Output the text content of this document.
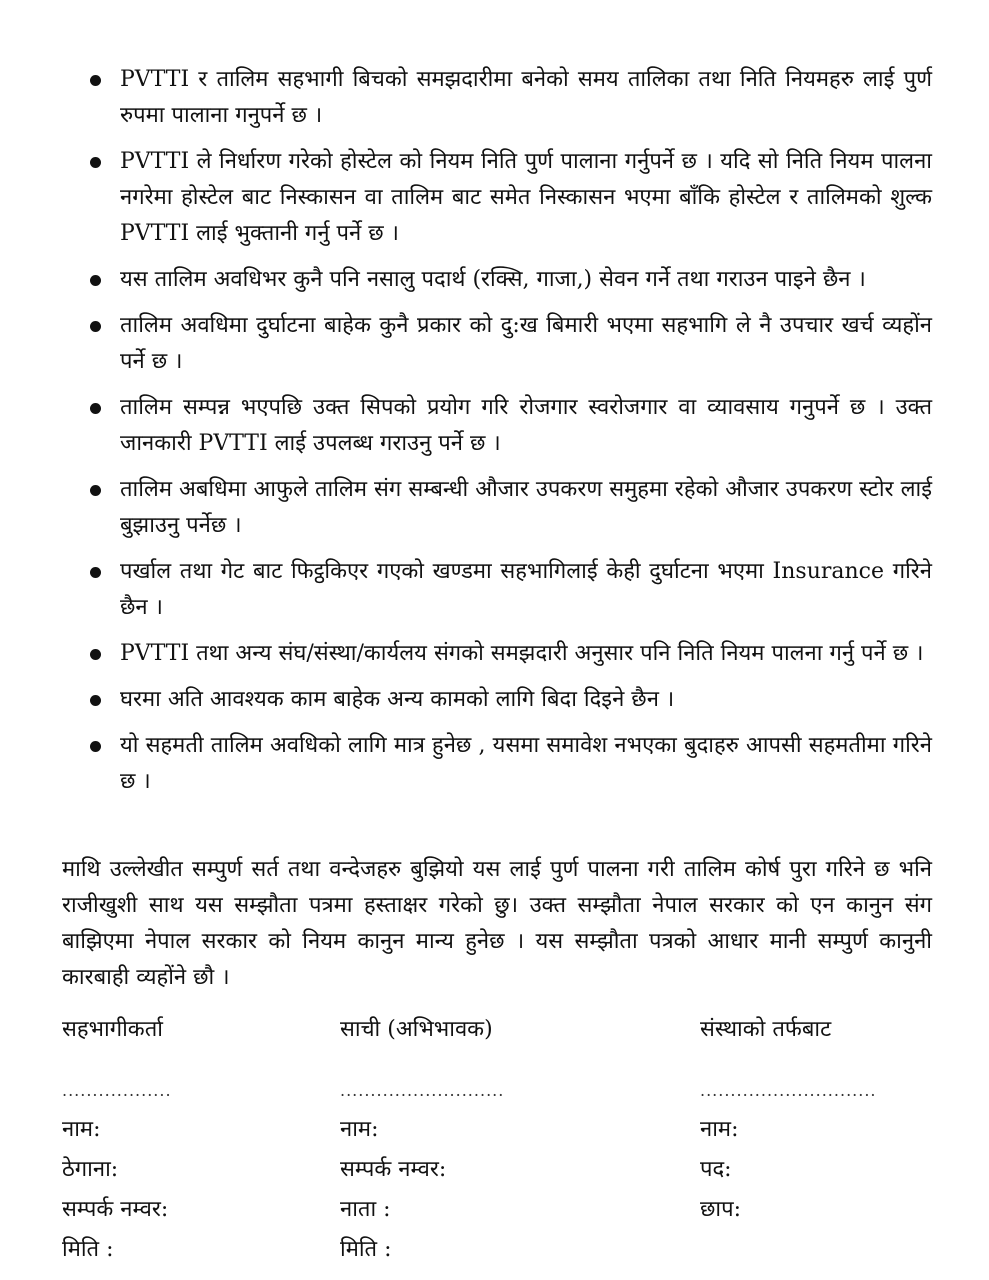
PVTTI र तालिम सहभागी बिचको समझदारीमा बनेको समय तालिका तथा निति नियमहरु लाई पुर्ण रुपमा पालाना गनुपर्ने छ ।
PVTTI ले निर्धारण गरेको होस्टेल को नियम निति पुर्ण पालाना गर्नुपर्ने छ । यदि सो निति नियम पालना नगरेमा होस्टेल बाट निस्कासन वा तालिम बाट समेत निस्कासन भएमा बाँकि होस्टेल र तालिमको शुल्क PVTTI लाई भुक्तानी गर्नु पर्ने छ ।
यस तालिम अवधिभर कुनै पनि नसालु पदार्थ (रक्सि, गाजा,) सेवन गर्ने तथा गराउन पाइने छैन ।
तालिम अवधिमा दुर्घाटना बाहेक कुनै प्रकार को दु:ख बिमारी भएमा सहभागि ले नै उपचार खर्च व्यहोंन पर्ने छ ।
तालिम सम्पन्न भएपछि उक्त सिपको प्रयोग गरि रोजगार स्वरोजगार वा व्यावसाय गनुपर्ने छ । उक्त जानकारी PVTTI लाई उपलब्ध गराउनु पर्ने छ ।
तालिम अबधिमा आफुले तालिम संग सम्बन्धी औजार उपकरण समुहमा रहेको औजार उपकरण स्टोर लाई बुझाउनु पर्नेछ ।
पर्खाल तथा गेट बाट फिट्ठकिएर गएको खण्डमा सहभागिलाई केही दुर्घाटना भएमा Insurance गरिने छैन ।
PVTTI तथा अन्य संघ/संस्था/कार्यलय संगको समझदारी अनुसार पनि निति नियम पालना गर्नु पर्ने छ ।
घरमा अति आवश्यक काम बाहेक अन्य कामको लागि बिदा दिइने छैन ।
यो सहमती तालिम अवधिको लागि मात्र हुनेछ , यसमा समावेश नभएका बुदाहरु आपसी सहमतीमा गरिने छ ।

माथि उल्लेखीत सम्पुर्ण सर्त तथा वन्देजहरु बुझियो यस लाई पुर्ण पालना गरी तालिम कोर्ष पुरा गरिने छ भनि राजीखुशी साथ यस सम्झौता पत्रमा हस्ताक्षर गरेको छु। उक्त सम्झौता नेपाल सरकार को एन कानुन संग बाझिएमा नेपाल सरकार को नियम कानुन मान्य हुनेछ । यस सम्झौता पत्रको आधार मानी सम्पुर्ण कानुनी कारबाही व्यहोंने छौ ।

सहभागीकर्ता
..................
नाम:
ठेगाना:
सम्पर्क नम्वर:
मिति :
साची (अभिभावक)
...........................
नाम:
सम्पर्क नम्वर:
नाता :
मिति :
संस्थाको तर्फबाट
.............................
नाम:
पद:
छाप:
